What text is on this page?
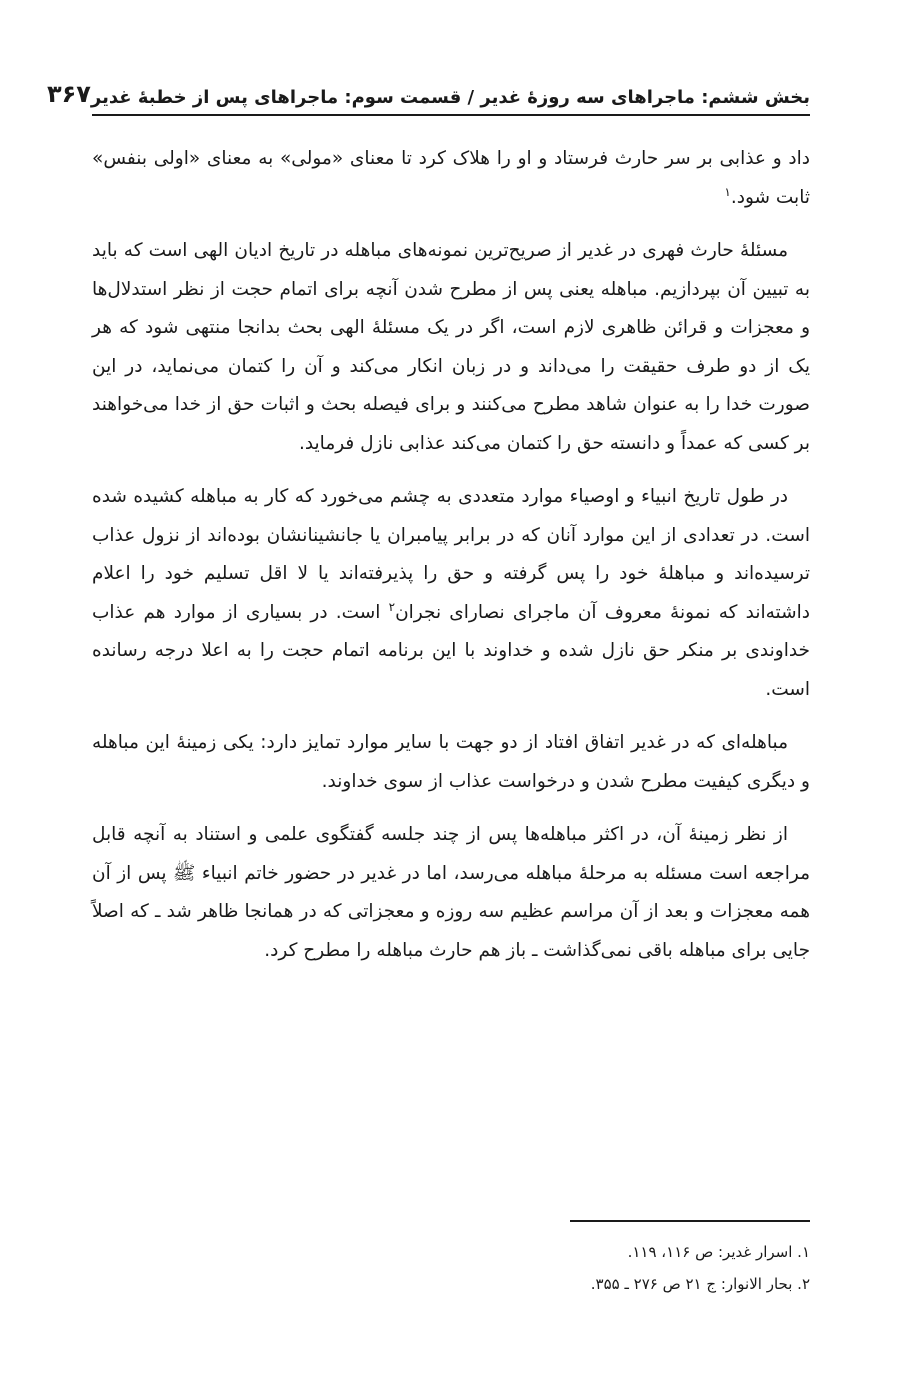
بخش ششم: ماجراهای سه روزهٔ غدیر / قسمت سوم: ماجراهای پس از خطبهٔ غدیر
۳۶۷

داد و عذابی بر سر حارث فرستاد و او را هلاک کرد تا معنای «مولی» به معنای «اولی بنفس» ثابت شود.$^۱$

مسئلهٔ حارث فهری در غدیر از صریح‌ترین نمونه‌های مباهله در تاریخ ادیان الهی است که باید به تبیین آن بپردازیم. مباهله یعنی پس از مطرح شدن آنچه برای اتمام حجت از نظر استدلال‌ها و معجزات و قرائن ظاهری لازم است، اگر در یک مسئلهٔ الهی بحث بدانجا منتهی شود که هر یک از دو طرف حقیقت را می‌داند و در زبان انکار می‌کند و آن را کتمان می‌نماید، در این صورت خدا را به عنوان شاهد مطرح می‌کنند و برای فیصله بحث و اثبات حق از خدا می‌خواهند بر کسی که عمداً و دانسته حق را کتمان می‌کند عذابی نازل فرماید.

در طول تاریخ انبیاء و اوصیاء موارد متعددی به چشم می‌خورد که کار به مباهله کشیده شده است. در تعدادی از این موارد آنان که در برابر پیامبران یا جانشینانشان بوده‌اند از نزول عذاب ترسیده‌اند و مباهلهٔ خود را پس گرفته و حق را پذیرفته‌اند یا لا اقل تسلیم خود را اعلام داشته‌اند که نمونهٔ معروف آن ماجرای نصارای نجران$^۲$ است. در بسیاری از موارد هم عذاب خداوندی بر منکر حق نازل شده و خداوند با این برنامه اتمام حجت را به اعلا درجه رسانده است.

مباهله‌ای که در غدیر اتفاق افتاد از دو جهت با سایر موارد تمایز دارد: یکی زمینهٔ این مباهله و دیگری کیفیت مطرح شدن و درخواست عذاب از سوی خداوند.

از نظر زمینهٔ آن، در اکثر مباهله‌ها پس از چند جلسه گفتگوی علمی و استناد به آنچه قابل مراجعه است مسئله به مرحلهٔ مباهله می‌رسد، اما در غدیر در حضور خاتم انبیاء ﷺ پس از آن همه معجزات و بعد از آن مراسم عظیم سه روزه و معجزاتی که در همانجا ظاهر شد ـ که اصلاً جایی برای مباهله باقی نمی‌گذاشت ـ باز هم حارث مباهله را مطرح کرد.

۱. اسرار غدیر: ص ۱۱۶، ۱۱۹.
۲. بحار الانوار: ج ۲۱ ص ۲۷۶ ـ ۳۵۵.
